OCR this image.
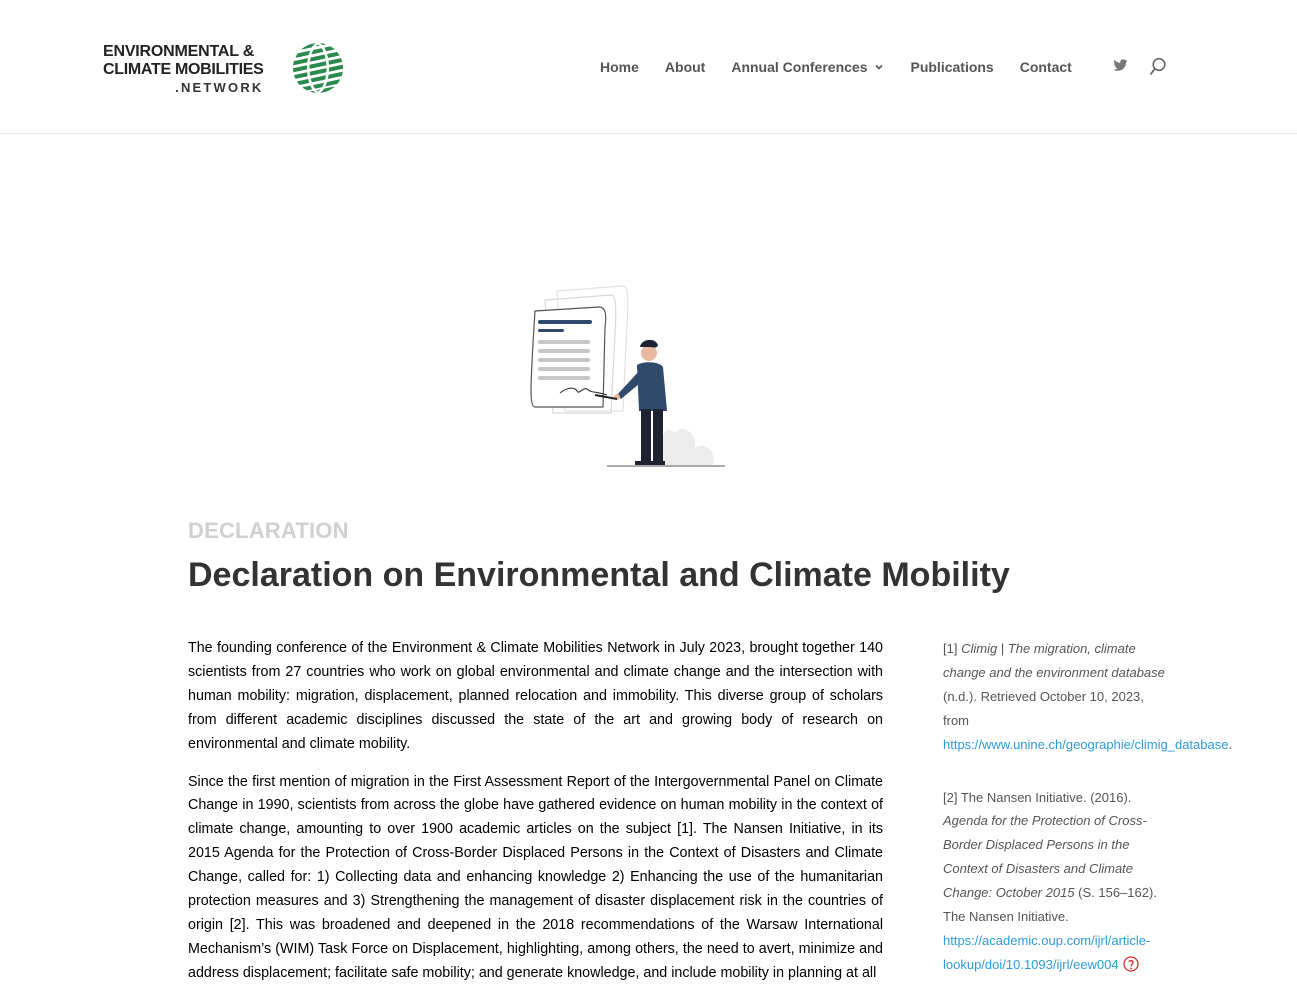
ENVIRONMENTAL &
CLIMATE MOBILITIES
.NETWORK
Home About Annual Conferences	Publications Contact
DECLARATION
Declaration on Environmental and Climate Mobility

The founding conference of the Environment & Climate Mobilities Network in July 2023, brought together 140 scientists from 27 countries who work on global environmental and climate change and the intersection with human mobility: migration, displacement, planned relocation and immobility. This diverse group of scholars from different academic disciplines discussed the state of the art and growing body of research on environmental and climate mobility.

Since the first mention of migration in the First Assessment Report of the Intergovernmental Panel on Climate Change in 1990, scientists from across the globe have gathered evidence on human mobility in the context of climate change, amounting to over 1900 academic articles on the subject [1]. The Nansen Initiative, in its 2015 Agenda for the Protection of Cross-Border Displaced Persons in the Context of Disasters and Climate Change, called for: 1) Collecting data and enhancing knowledge 2) Enhancing the use of the humanitarian protection measures and 3) Strengthening the management of disaster displacement risk in the countries of origin [2]. This was broadened and deepened in the 2018 recommendations of the Warsaw International Mechanism’s (WIM) Task Force on Displacement, highlighting, among others, the need to avert, minimize and address displacement; facilitate safe mobility; and generate knowledge, and include mobility in planning at all

[1] Climig | The migration, climate change and the environment database (n.d.). Retrieved October 10, 2023, from https://www.unine.ch/geographie/climig_database.

[2] The Nansen Initiative. (2016). Agenda for the Protection of Cross-Border Displaced Persons in the Context of Disasters and Climate Change: October 2015 (S. 156–162). The Nansen Initiative. https://academic.oup.com/ijrl/article-lookup/doi/10.1093/ijrl/eew004
